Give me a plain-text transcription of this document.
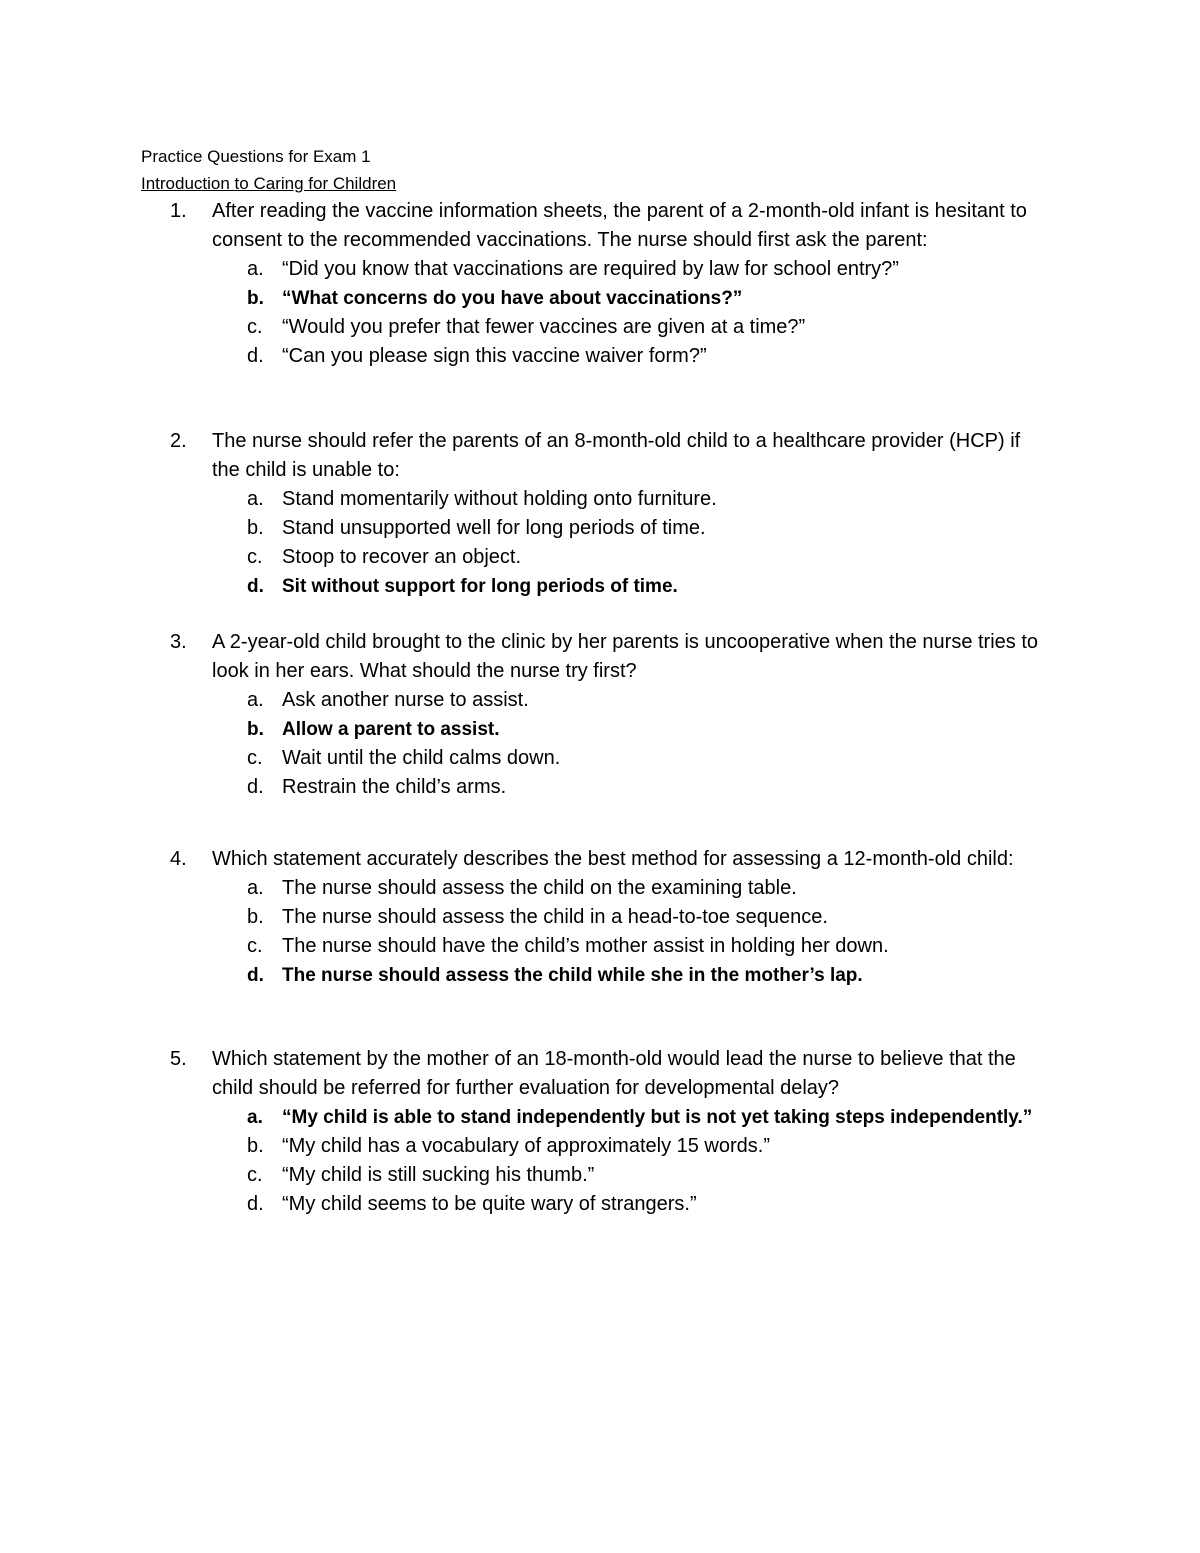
Practice Questions for Exam 1

Introduction to Caring for Children

1. After reading the vaccine information sheets, the parent of a 2-month-old infant is hesitant to consent to the recommended vaccinations. The nurse should first ask the parent:

a. “Did you know that vaccinations are required by law for school entry?”
b. “What concerns do you have about vaccinations?”
c. “Would you prefer that fewer vaccines are given at a time?”
d. “Can you please sign this vaccine waiver form?”

2. The nurse should refer the parents of an 8-month-old child to a healthcare provider (HCP) if the child is unable to:

a. Stand momentarily without holding onto furniture.
b. Stand unsupported well for long periods of time.
c. Stoop to recover an object.
d. Sit without support for long periods of time.

3. A 2-year-old child brought to the clinic by her parents is uncooperative when the nurse tries to look in her ears. What should the nurse try first?

a. Ask another nurse to assist.
b. Allow a parent to assist.
c. Wait until the child calms down.
d. Restrain the child’s arms.

4. Which statement accurately describes the best method for assessing a 12-month-old child:

a. The nurse should assess the child on the examining table.
b. The nurse should assess the child in a head-to-toe sequence.
c. The nurse should have the child’s mother assist in holding her down.
d. The nurse should assess the child while she in the mother’s lap.

5. Which statement by the mother of an 18-month-old would lead the nurse to believe that the child should be referred for further evaluation for developmental delay?

a. “My child is able to stand independently but is not yet taking steps independently.”
b. “My child has a vocabulary of approximately 15 words.”
c. “My child is still sucking his thumb.”
d. “My child seems to be quite wary of strangers.”
